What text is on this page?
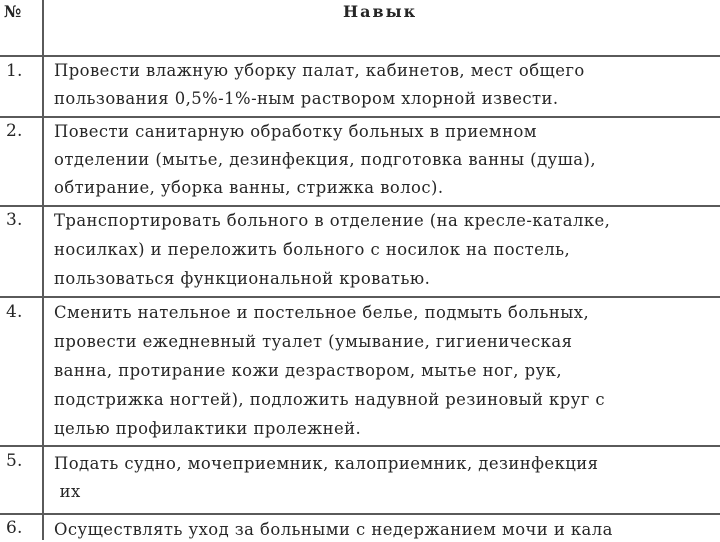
№	Навык
1.	Провести влажную уборку палат, кабинетов, мест общего
пользования 0,5%-1%-ным раствором хлорной извести.
2.	Повести санитарную обработку больных в приемном
отделении (мытье, дезинфекция, подготовка ванны (душа),
обтирание, уборка ванны, стрижка волос).
3.	Транспортировать больного в отделение (на кресле-каталке,
носилках) и переложить больного с носилок на постель,
пользоваться функциональной кроватью.
4.	Сменить нательное и постельное белье, подмыть больных,
провести ежедневный туалет (умывание, гигиеническая
ванна, протирание кожи дезраствором, мытье ног, рук,
подстрижка ногтей), подложить надувной резиновый круг с
целью профилактики пролежней.
5.	Подать судно, мочеприемник, калоприемник, дезинфекция
их
6.	Осуществлять уход за больными с недержанием мочи и кала
